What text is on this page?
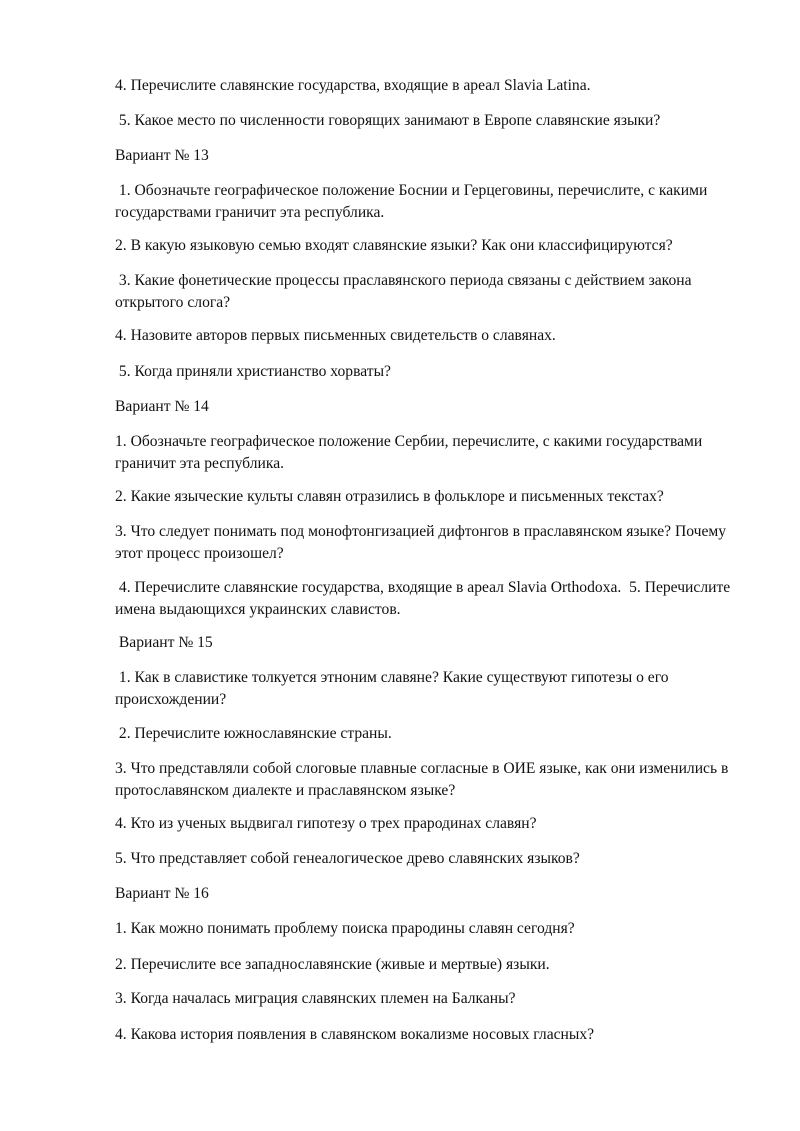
4. Перечислите славянские государства, входящие в ареал Slavia Latina.

5. Какое место по численности говорящих занимают в Европе славянские языки?

Вариант № 13

1. Обозначьте географическое положение Боснии и Герцеговины, перечислите, с какими государствами граничит эта республика.

2. В какую языковую семью входят славянские языки? Как они классифицируются?

3. Какие фонетические процессы праславянского периода связаны с действием закона открытого слога?

4. Назовите авторов первых письменных свидетельств о славянах.

5. Когда приняли христианство хорваты?

Вариант № 14

1. Обозначьте географическое положение Сербии, перечислите, с какими государствами граничит эта республика.

2. Какие языческие культы славян отразились в фольклоре и письменных текстах?

3. Что следует понимать под монофтонгизацией дифтонгов в праславянском языке? Почему этот процесс произошел?

4. Перечислите славянские государства, входящие в ареал Slavia Orthodoxa.  5. Перечислите имена выдающихся украинских славистов.

Вариант № 15

1. Как в славистике толкуется этноним славяне? Какие существуют гипотезы о его происхождении?

2. Перечислите южнославянские страны.

3. Что представляли собой слоговые плавные согласные в ОИЕ языке, как они изменились в протославянском диалекте и праславянском языке?

4. Кто из ученых выдвигал гипотезу о трех прародинах славян?

5. Что представляет собой генеалогическое древо славянских языков?

Вариант № 16

1. Как можно понимать проблему поиска прародины славян сегодня?

2. Перечислите все западнославянские (живые и мертвые) языки.

3. Когда началась миграция славянских племен на Балканы?

4. Какова история появления в славянском вокализме носовых гласных?
